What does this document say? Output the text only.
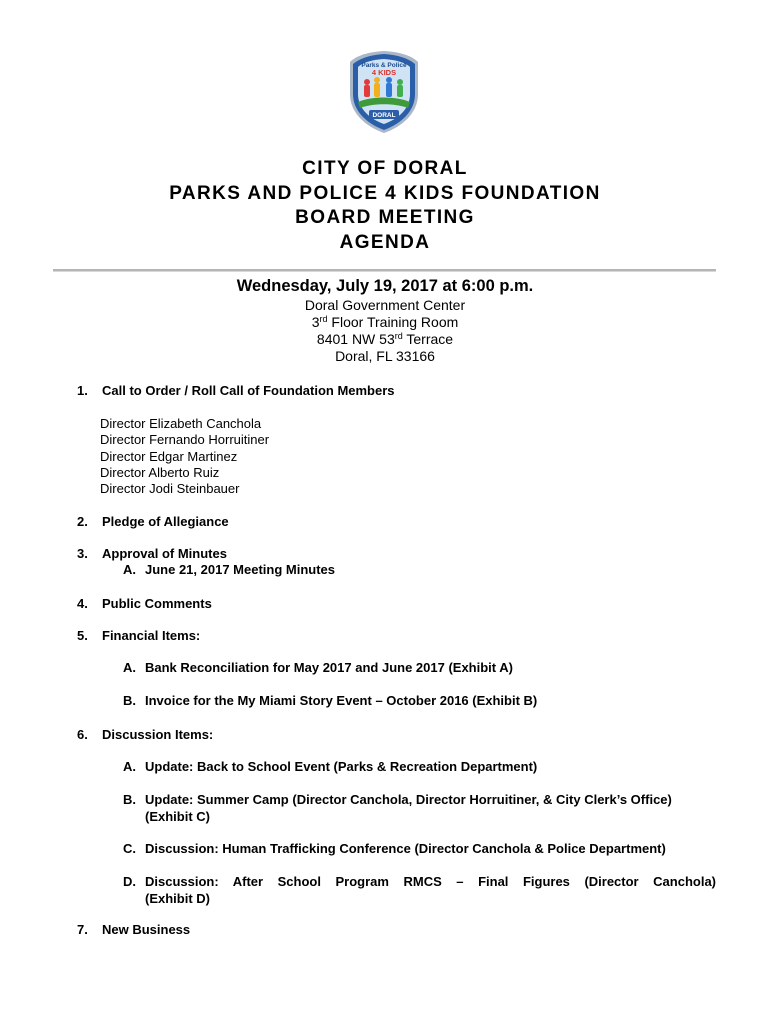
Parks & Police
4 KIDS
DORAL
CITY OF DORAL
PARKS AND POLICE 4 KIDS FOUNDATION
BOARD MEETING
AGENDA
Wednesday, July 19, 2017 at 6:00 p.m.
Doral Government Center
3rd Floor Training Room
8401 NW 53rd Terrace
Doral, FL 33166
1. Call to Order / Roll Call of Foundation Members
Director Elizabeth Canchola
Director Fernando Horruitiner
Director Edgar Martinez
Director Alberto Ruiz
Director Jodi Steinbauer
2. Pledge of Allegiance
3. Approval of Minutes
A. June 21, 2017 Meeting Minutes
4. Public Comments
5. Financial Items:
A. Bank Reconciliation for May 2017 and June 2017 (Exhibit A)
B. Invoice for the My Miami Story Event – October 2016 (Exhibit B)
6. Discussion Items:
A. Update: Back to School Event (Parks & Recreation Department)
B. Update: Summer Camp (Director Canchola, Director Horruitiner, & City Clerk’s Office)
(Exhibit C)
C. Discussion: Human Trafficking Conference (Director Canchola & Police Department)
D. Discussion: After School Program RMCS – Final Figures (Director Canchola)
(Exhibit D)
7. New Business
